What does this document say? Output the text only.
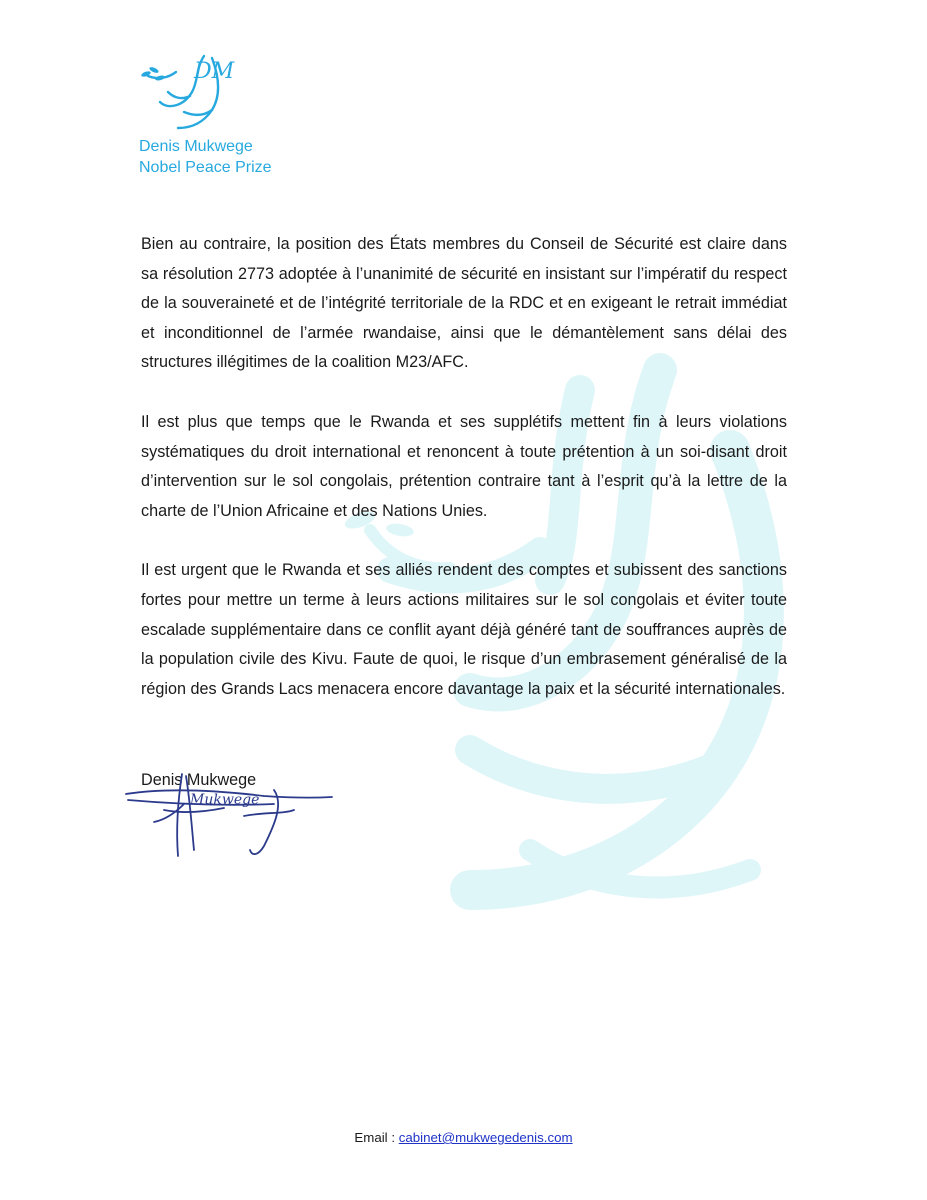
DM
Denis Mukwege
Nobel Peace Prize

Bien au contraire, la position des États membres du Conseil de Sécurité est claire dans sa résolution 2773 adoptée à l’unanimité de sécurité en insistant sur l’impératif du respect de la souveraineté et de l’intégrité territoriale de la RDC et en exigeant le retrait immédiat et inconditionnel de l’armée rwandaise, ainsi que le démantèlement sans délai des structures illégitimes de la coalition M23/AFC.

Il est plus que temps que le Rwanda et ses supplétifs mettent fin à leurs violations systématiques du droit international et renoncent à toute prétention à un soi-disant droit d’intervention sur le sol congolais, prétention contraire tant à l’esprit qu’à la lettre de la charte de l’Union Africaine et des Nations Unies.

Il est urgent que le Rwanda et ses alliés rendent des comptes et subissent des sanctions fortes pour mettre un terme à leurs actions militaires sur le sol congolais et éviter toute escalade supplémentaire dans ce conflit ayant déjà généré tant de souffrances auprès de la population civile des Kivu. Faute de quoi, le risque d’un embrasement généralisé de la région des Grands Lacs menacera encore davantage la paix et la sécurité internationales.

Denis Mukwege
Mukwege
Email : cabinet@mukwegedenis.com
